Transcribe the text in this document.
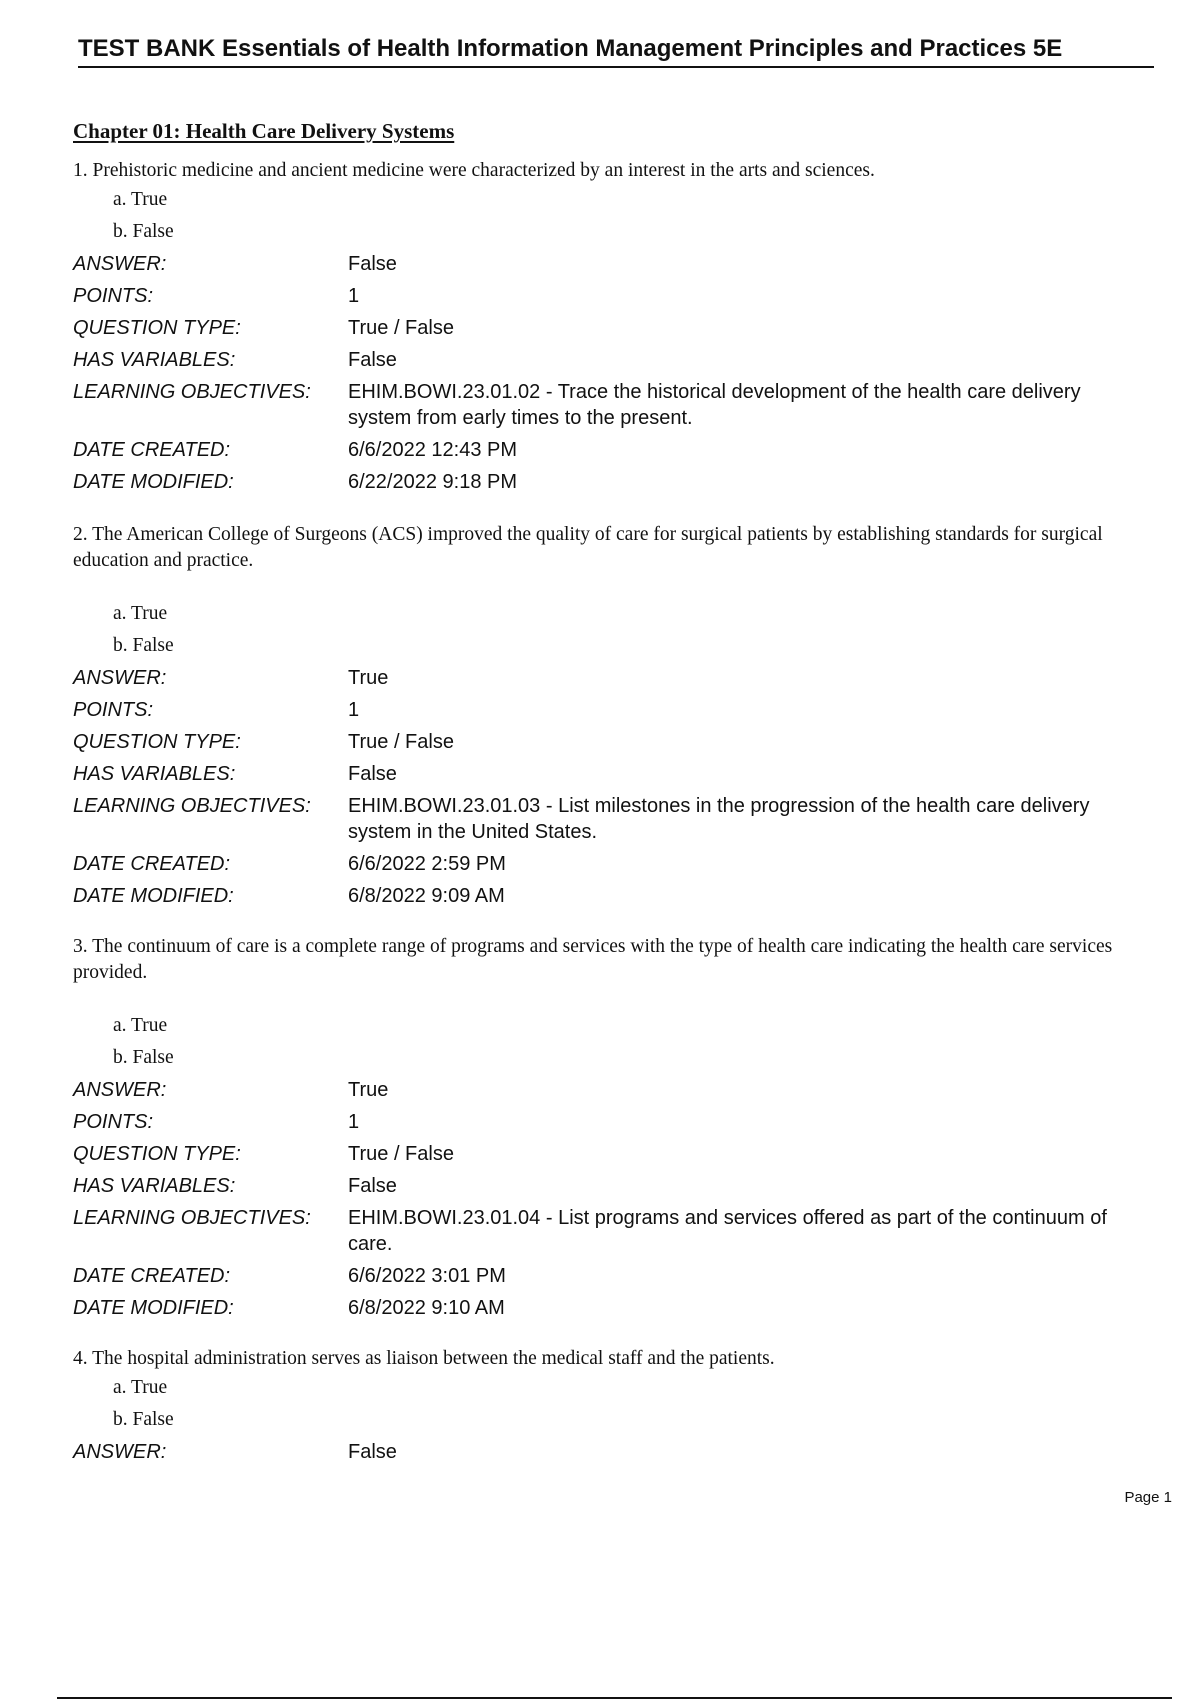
TEST BANK Essentials of Health Information Management Principles and Practices 5E
Chapter 01: Health Care Delivery Systems

1. Prehistoric medicine and ancient medicine were characterized by an interest in the arts and sciences.

a. True
b. False
ANSWER:	False
POINTS:	1
QUESTION TYPE:	True / False
HAS VARIABLES:	False
LEARNING OBJECTIVES:	EHIM.BOWI.23.01.02 - Trace the historical development of the health care delivery system from early times to the present.
DATE CREATED:	6/6/2022 12:43 PM
DATE MODIFIED:	6/22/2022 9:18 PM

2. The American College of Surgeons (ACS) improved the quality of care for surgical patients by establishing standards for surgical education and practice.

a. True
b. False
ANSWER:	True
POINTS:	1
QUESTION TYPE:	True / False
HAS VARIABLES:	False
LEARNING OBJECTIVES:	EHIM.BOWI.23.01.03 - List milestones in the progression of the health care delivery system in the United States.
DATE CREATED:	6/6/2022 2:59 PM
DATE MODIFIED:	6/8/2022 9:09 AM

3. The continuum of care is a complete range of programs and services with the type of health care indicating the health care services provided.

a. True
b. False
ANSWER:	True
POINTS:	1
QUESTION TYPE:	True / False
HAS VARIABLES:	False
LEARNING OBJECTIVES:	EHIM.BOWI.23.01.04 - List programs and services offered as part of the continuum of care.
DATE CREATED:	6/6/2022 3:01 PM
DATE MODIFIED:	6/8/2022 9:10 AM

4. The hospital administration serves as liaison between the medical staff and the patients.

a. True
b. False
ANSWER:	False
Page 1
